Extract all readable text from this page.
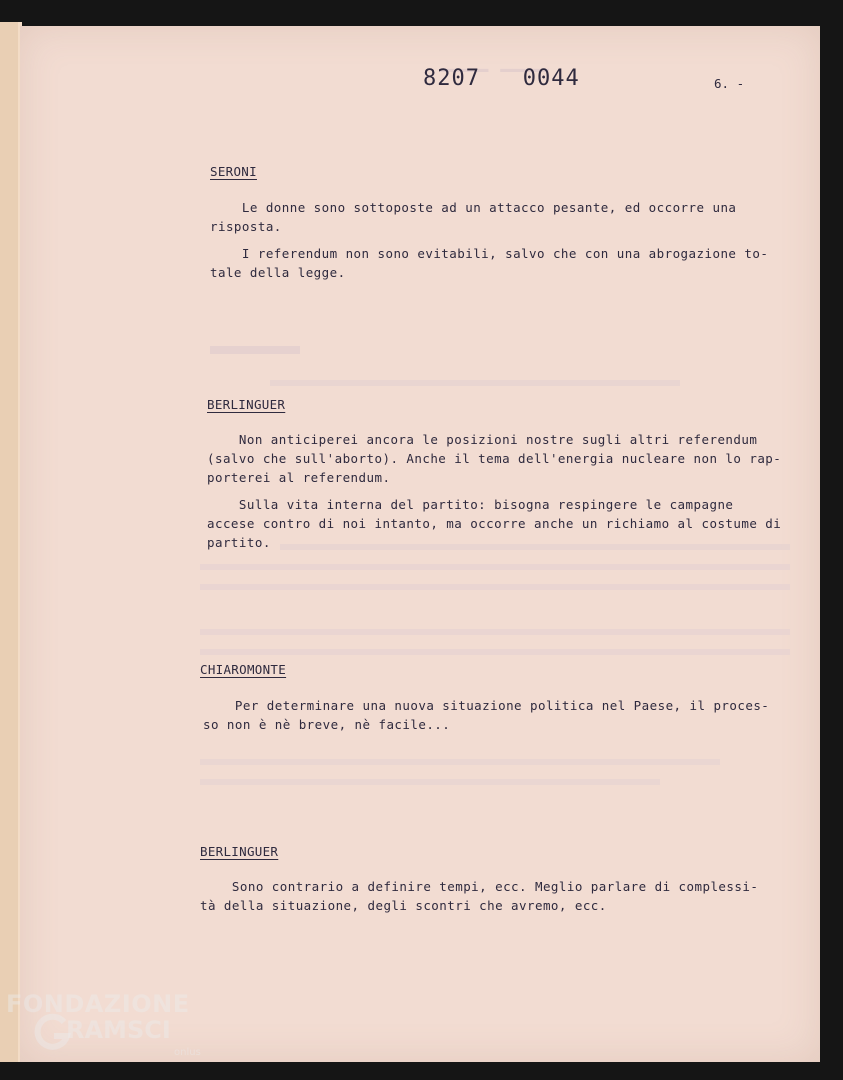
▁▁▁▁ ▁▁▁▁
8207   0044	6. -
SERONI
Le donne sono sottoposte ad un attacco pesante, ed occorre una
risposta.
I referendum non sono evitabili, salvo che con una abrogazione to-
tale della legge.
BERLINGUER
Non anticiperei ancora le posizioni nostre sugli altri referendum
(salvo che sull'aborto). Anche il tema dell'energia nucleare non lo rap-
porterei al referendum.
Sulla vita interna del partito: bisogna respingere le campagne
accese contro di noi intanto, ma occorre anche un richiamo al costume di
partito.
CHIAROMONTE
Per determinare una nuova situazione politica nel Paese, il proces-
so non è nè breve, nè facile...
BERLINGUER
Sono contrario a definire tempi, ecc. Meglio parlare di complessi-
tà della situazione, degli scontri che avremo, ecc.
FONDAZIONE
RAMSCI
onlus
